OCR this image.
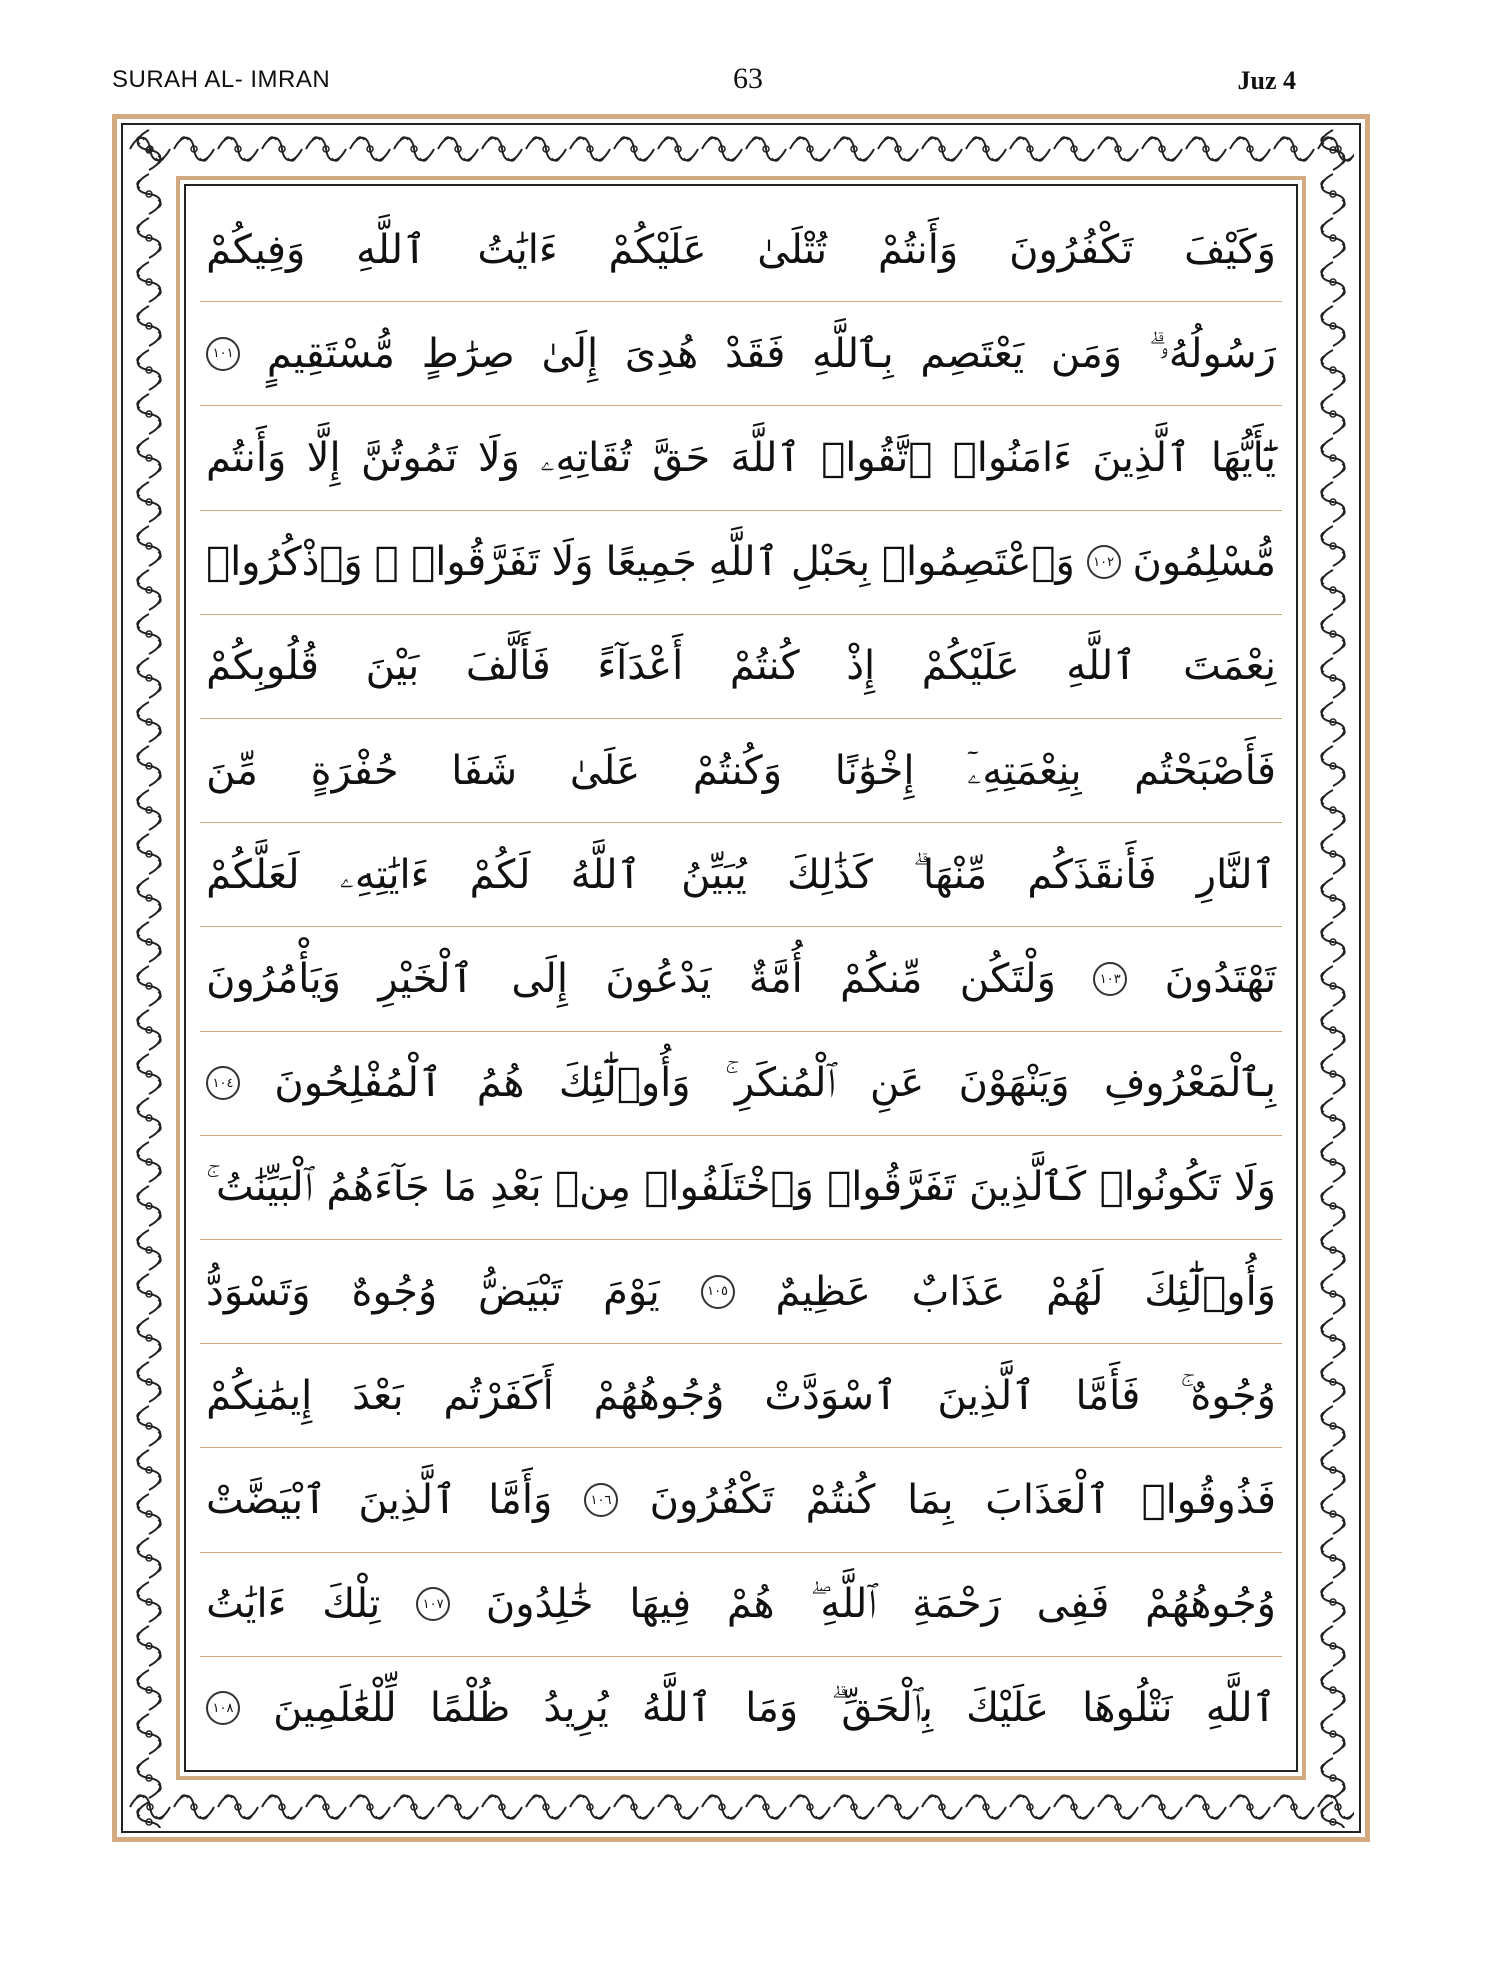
SURAH AL- IMRAN	63	Juz 4
وَكَيْفَ
تَكْفُرُونَ
وَأَنتُمْ
تُتْلَىٰ
عَلَيْكُمْ
ءَايَٰتُ
ٱللَّهِ
وَفِيكُمْ
رَسُولُهُۥ ۗ
وَمَن
يَعْتَصِم
بِٱللَّهِ
فَقَدْ
هُدِىَ
إِلَىٰ
صِرَٰطٍ
مُّسْتَقِيمٍ
١٠١
يَٰٓأَيُّهَا
ٱلَّذِينَ
ءَامَنُوا۟
ٱتَّقُوا۟
ٱللَّهَ
حَقَّ
تُقَاتِهِۦ
وَلَا
تَمُوتُنَّ
إِلَّا
وَأَنتُم
مُّسْلِمُونَ
١٠٢
وَٱعْتَصِمُوا۟
بِحَبْلِ
ٱللَّهِ
جَمِيعًا
وَلَا
تَفَرَّقُوا۟ ۚ
وَٱذْكُرُوا۟
نِعْمَتَ
ٱللَّهِ
عَلَيْكُمْ
إِذْ
كُنتُمْ
أَعْدَآءً
فَأَلَّفَ
بَيْنَ
قُلُوبِكُمْ
فَأَصْبَحْتُم
بِنِعْمَتِهِۦٓ
إِخْوَٰنًا
وَكُنتُمْ
عَلَىٰ
شَفَا
حُفْرَةٍ
مِّنَ
ٱلنَّارِ
فَأَنقَذَكُم
مِّنْهَا ۗ
كَذَٰلِكَ
يُبَيِّنُ
ٱللَّهُ
لَكُمْ
ءَايَٰتِهِۦ
لَعَلَّكُمْ
تَهْتَدُونَ
١٠٣
وَلْتَكُن
مِّنكُمْ
أُمَّةٌ
يَدْعُونَ
إِلَى
ٱلْخَيْرِ
وَيَأْمُرُونَ
بِٱلْمَعْرُوفِ
وَيَنْهَوْنَ
عَنِ
ٱلْمُنكَرِ ۚ
وَأُو۟لَٰٓئِكَ
هُمُ
ٱلْمُفْلِحُونَ
١٠٤
وَلَا
تَكُونُوا۟
كَٱلَّذِينَ
تَفَرَّقُوا۟
وَٱخْتَلَفُوا۟
مِنۢ
بَعْدِ
مَا
جَآءَهُمُ
ٱلْبَيِّنَٰتُ ۚ
وَأُو۟لَٰٓئِكَ
لَهُمْ
عَذَابٌ
عَظِيمٌ
١٠٥
يَوْمَ
تَبْيَضُّ
وُجُوهٌ
وَتَسْوَدُّ
وُجُوهٌ ۚ
فَأَمَّا
ٱلَّذِينَ
ٱسْوَدَّتْ
وُجُوهُهُمْ
أَكَفَرْتُم
بَعْدَ
إِيمَٰنِكُمْ
فَذُوقُوا۟
ٱلْعَذَابَ
بِمَا
كُنتُمْ
تَكْفُرُونَ
١٠٦
وَأَمَّا
ٱلَّذِينَ
ٱبْيَضَّتْ
وُجُوهُهُمْ
فَفِى
رَحْمَةِ
ٱللَّهِ ۖ
هُمْ
فِيهَا
خَٰلِدُونَ
١٠٧
تِلْكَ
ءَايَٰتُ
ٱللَّهِ
نَتْلُوهَا
عَلَيْكَ
بِٱلْحَقِّ ۗ
وَمَا
ٱللَّهُ
يُرِيدُ
ظُلْمًا
لِّلْعَٰلَمِينَ
١٠٨
